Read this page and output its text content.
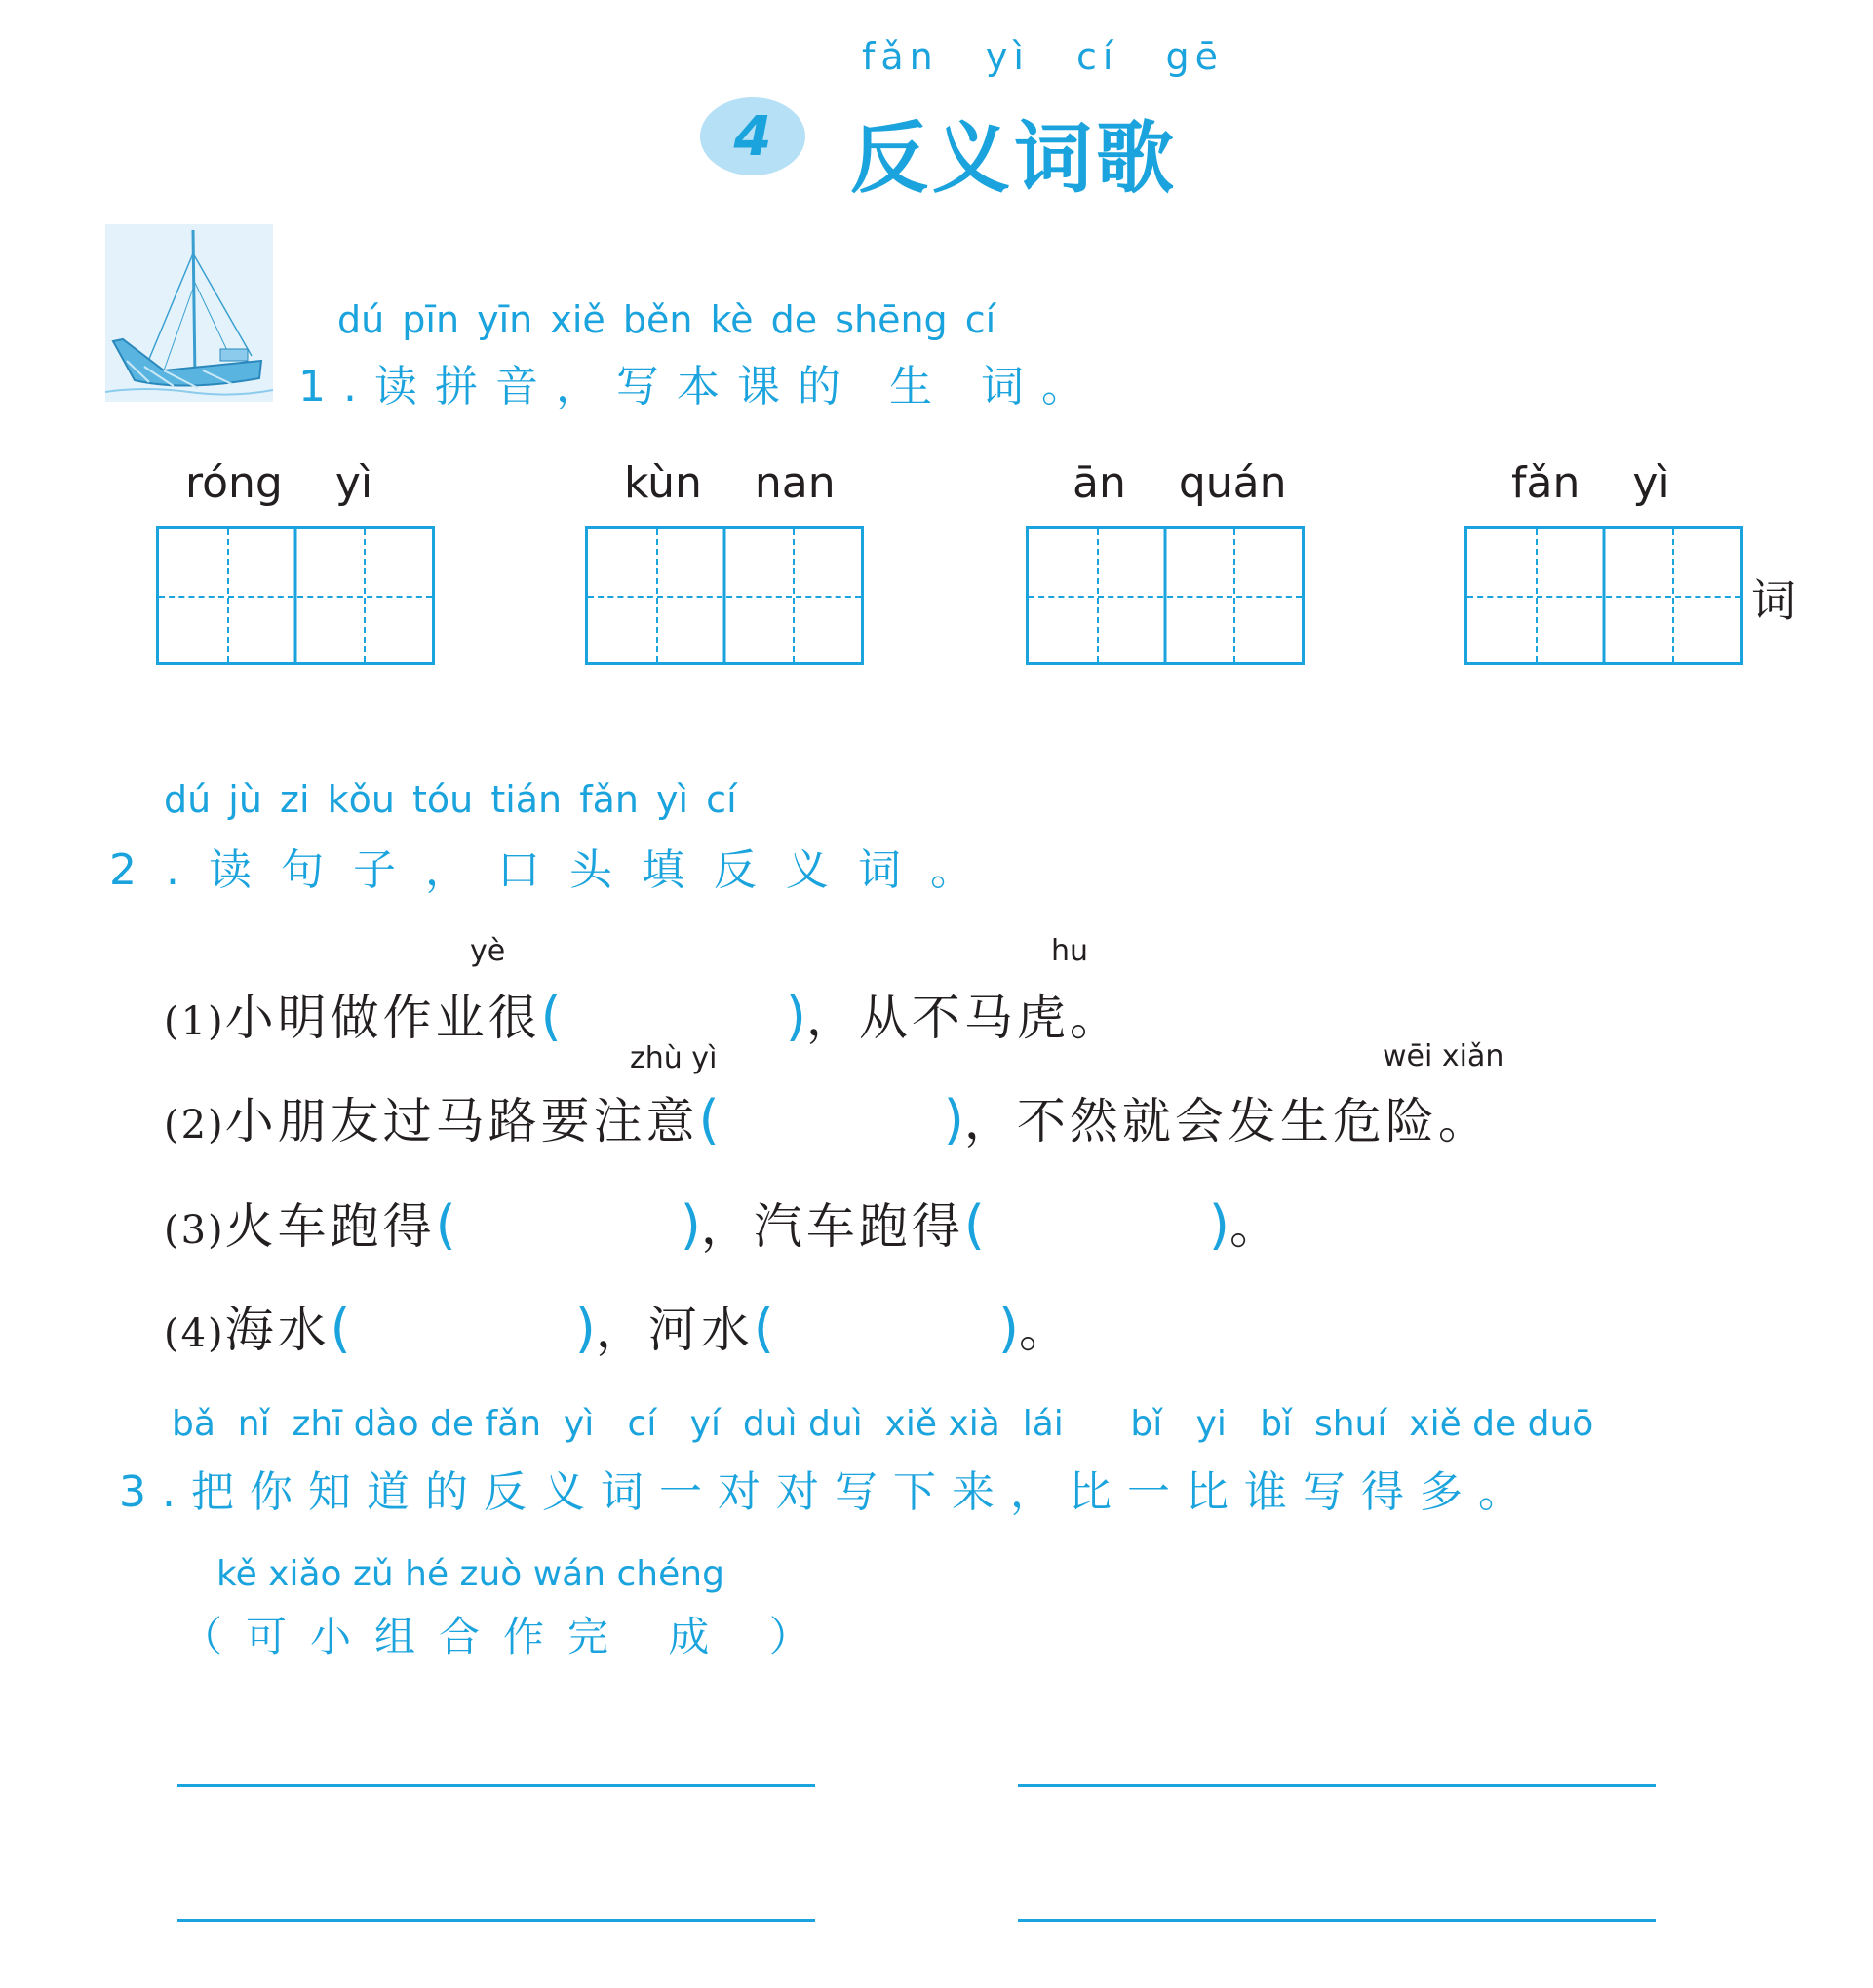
fǎn yì cí gē
4	反义词歌
dú pīn yīn xiě běn kè de shēng cí
1.读拼音，写本课的 生 词。
róng yì	kùn nan	ān quán	fǎn yì
词
dú jù zi kǒu tóu tián fǎn yì cí
2.读句子，口头填反义词。
yè	hu
(1)小明做作业很(	)，从不马虎。
zhù yì	wēi xiǎn
(2)小朋友过马路要注意(	)，不然就会发生危险。
(3)火车跑得(	)，汽车跑得(	)。
(4)海水(	)，河水(	)。
bǎ  nǐ  zhī dào de fǎn  yì   cí   yí  duì duì  xiě xià  lái      bǐ   yi   bǐ  shuí  xiě de duō
3.把你知道的反义词一对对写下来，比一比谁写得多。
kě xiǎo zǔ hé zuò wán chéng
（可小组合作完 成 ）
